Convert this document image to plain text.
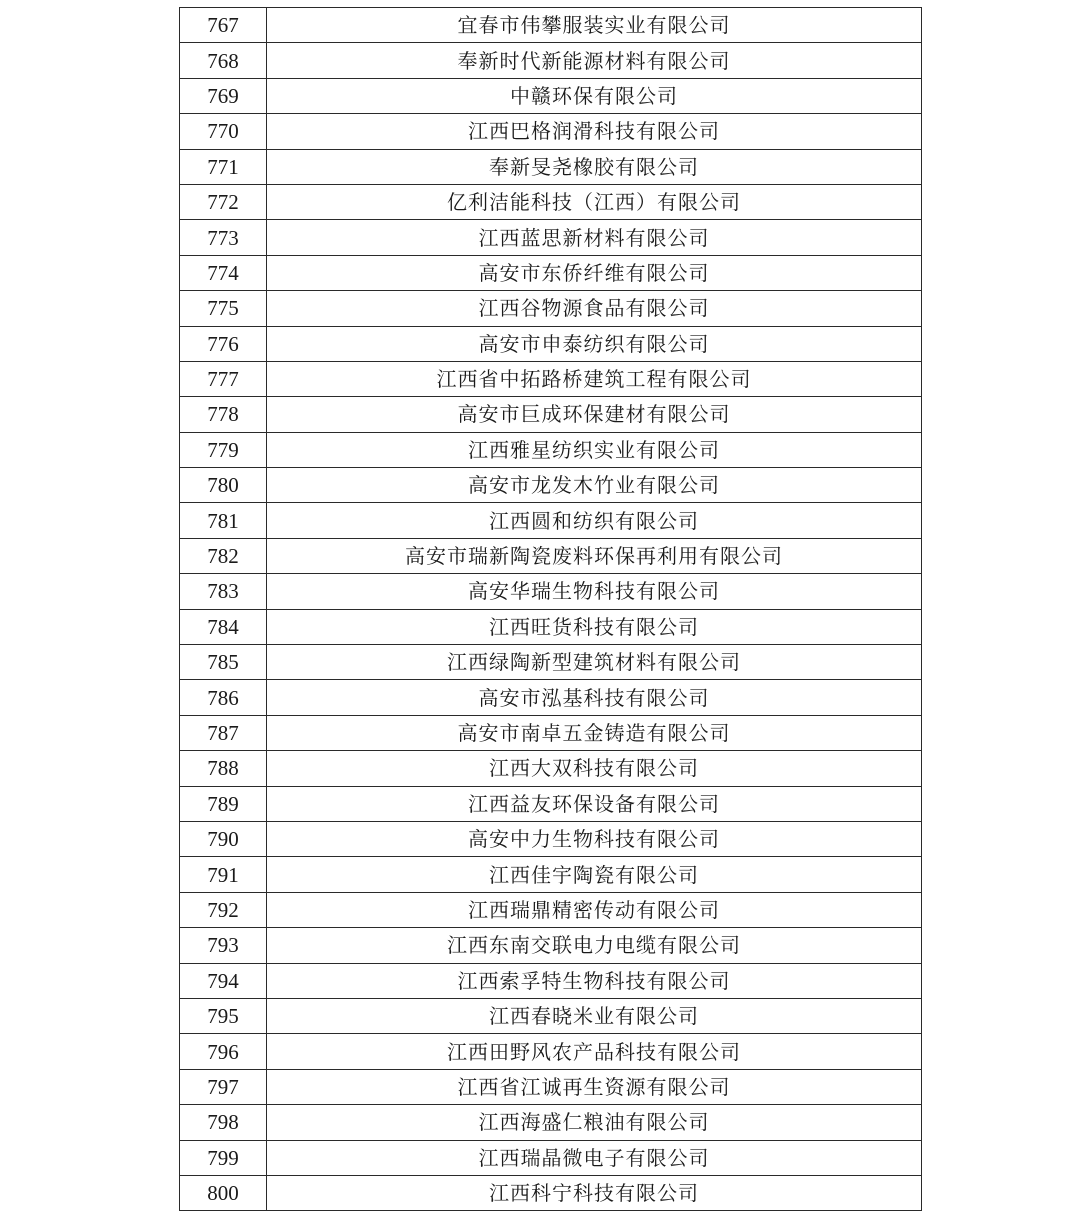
767	宜春市伟攀服装实业有限公司
768	奉新时代新能源材料有限公司
769	中赣环保有限公司
770	江西巴格润滑科技有限公司
771	奉新旻尧橡胶有限公司
772	亿利洁能科技（江西）有限公司
773	江西蓝思新材料有限公司
774	高安市东侨纤维有限公司
775	江西谷物源食品有限公司
776	高安市申泰纺织有限公司
777	江西省中拓路桥建筑工程有限公司
778	高安市巨成环保建材有限公司
779	江西雅星纺织实业有限公司
780	高安市龙发木竹业有限公司
781	江西圆和纺织有限公司
782	高安市瑞新陶瓷废料环保再利用有限公司
783	高安华瑞生物科技有限公司
784	江西旺货科技有限公司
785	江西绿陶新型建筑材料有限公司
786	高安市泓基科技有限公司
787	高安市南卓五金铸造有限公司
788	江西大双科技有限公司
789	江西益友环保设备有限公司
790	高安中力生物科技有限公司
791	江西佳宇陶瓷有限公司
792	江西瑞鼎精密传动有限公司
793	江西东南交联电力电缆有限公司
794	江西索孚特生物科技有限公司
795	江西春晓米业有限公司
796	江西田野风农产品科技有限公司
797	江西省江诚再生资源有限公司
798	江西海盛仁粮油有限公司
799	江西瑞晶微电子有限公司
800	江西科宁科技有限公司
